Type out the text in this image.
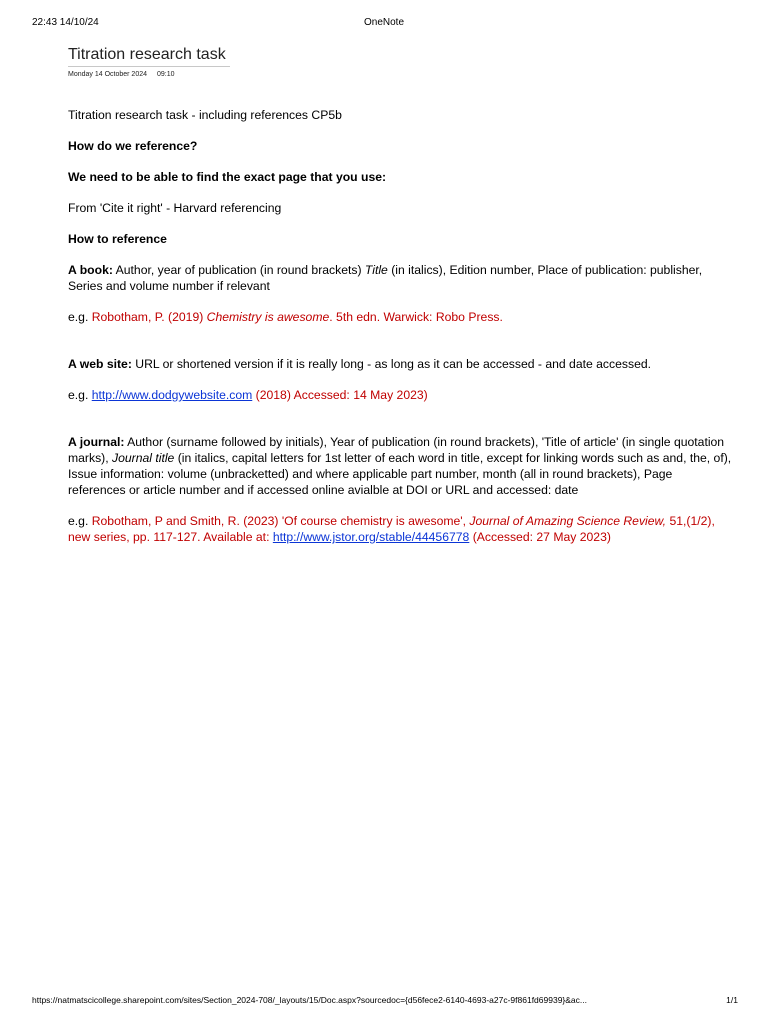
22:43 14/10/24	OneNote
Titration research task
Monday 14 October 2024 09:10

Titration research task - including references CP5b

How do we reference?

We need to be able to find the exact page that you use:

From 'Cite it right' - Harvard referencing

How to reference

A book: Author, year of publication (in round brackets) Title (in italics), Edition number, Place of publication: publisher, Series and volume number if relevant

e.g. Robotham, P. (2019) Chemistry is awesome. 5th edn. Warwick: Robo Press.

A web site: URL or shortened version if it is really long - as long as it can be accessed - and date accessed.

e.g. http://www.dodgywebsite.com (2018) Accessed: 14 May 2023)

A journal: Author (surname followed by initials), Year of publication (in round brackets), 'Title of article' (in single quotation marks), Journal title (in italics, capital letters for 1st letter of each word in title, except for linking words such as and, the, of), Issue information: volume (unbracketted) and where applicable part number, month (all in round brackets), Page references or article number and if accessed online avialble at DOI or URL and accessed: date

e.g. Robotham, P and Smith, R. (2023) 'Of course chemistry is awesome', Journal of Amazing Science Review, 51,(1/2), new series, pp. 117-127. Available at: http://www.jstor.org/stable/44456778 (Accessed: 27 May 2023)

https://natmatscicollege.sharepoint.com/sites/Section_2024-708/_layouts/15/Doc.aspx?sourcedoc={d56fece2-6140-4693-a27c-9f861fd69939}&ac...	1/1
